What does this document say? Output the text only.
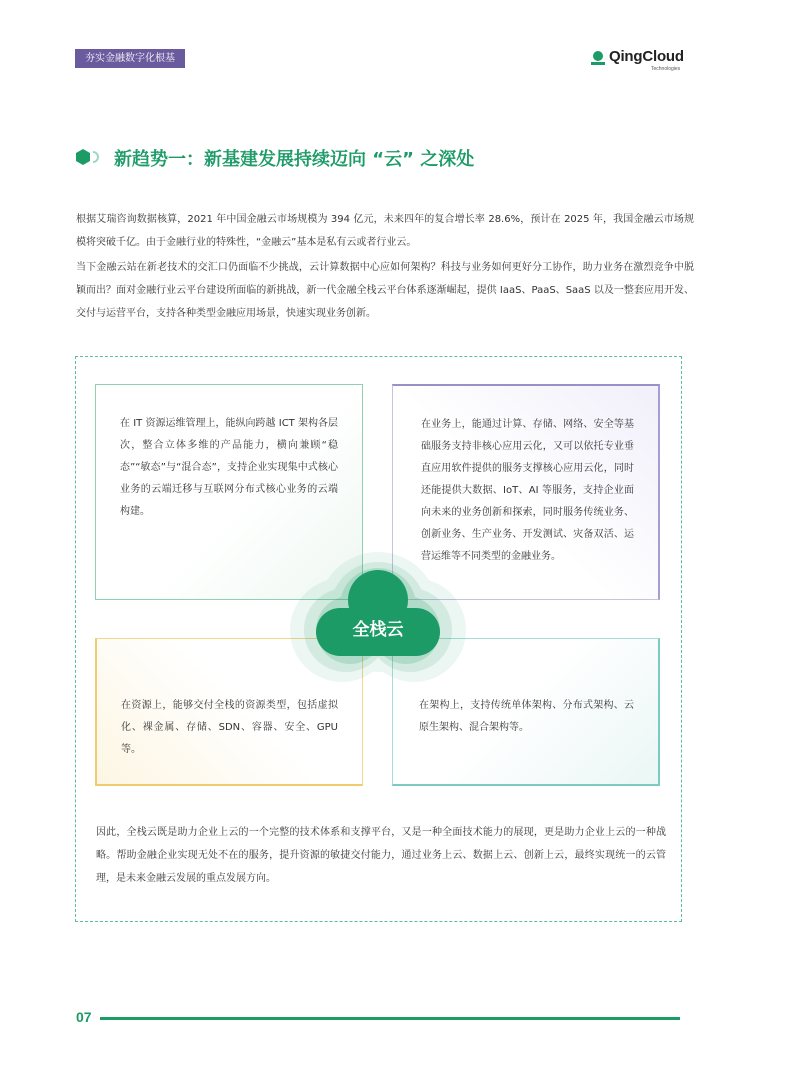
夯实金融数字化根基	QingCloud
Technologies
新趋势一：新基建发展持续迈向 “云” 之深处

根据艾瑞咨询数据核算，2021 年中国金融云市场规模为 394 亿元，未来四年的复合增长率 28.6%，预计在 2025 年，我国金融云市场规模将突破千亿。由于金融行业的特殊性，“金融云”基本是私有云或者行业云。

当下金融云站在新老技术的交汇口仍面临不少挑战，云计算数据中心应如何架构？科技与业务如何更好分工协作，助力业务在激烈竞争中脱颖而出？面对金融行业云平台建设所面临的新挑战，新一代金融全栈云平台体系逐渐崛起，提供 IaaS、PaaS、SaaS 以及一整套应用开发、交付与运营平台，支持各种类型金融应用场景，快速实现业务创新。

在 IT 资源运维管理上，能纵向跨越 ICT 架构各层次，整合立体多维的产品能力，横向兼顾“稳态”“敏态”与“混合态”，支持企业实现集中式核心业务的云端迁移与互联网分布式核心业务的云端构建。
在业务上，能通过计算、存储、网络、安全等基础服务支持非核心应用云化，又可以依托专业垂直应用软件提供的服务支撑核心应用云化，同时还能提供大数据、IoT、AI 等服务，支持企业面向未来的业务创新和探索，同时服务传统业务、创新业务、生产业务、开发测试、灾备双活、运营运维等不同类型的金融业务。
在资源上，能够交付全栈的资源类型，包括虚拟化、裸金属、存储、SDN、容器、安全、GPU 等。
在架构上，支持传统单体架构、分布式架构、云原生架构、混合架构等。
全栈云

因此，全栈云既是助力企业上云的一个完整的技术体系和支撑平台，又是一种全面技术能力的展现，更是助力企业上云的一种战略。帮助金融企业实现无处不在的服务，提升资源的敏捷交付能力，通过业务上云、数据上云、创新上云，最终实现统一的云管理，是未来金融云发展的重点发展方向。

07
